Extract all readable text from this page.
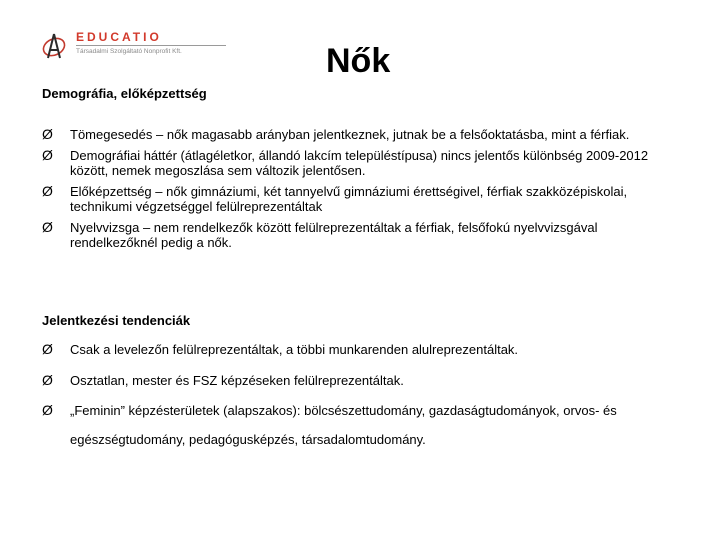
EDUCATIO
Társadalmi Szolgáltató Nonprofit Kft.	Nők
Demográfia, előképzettség
Ø Tömegesedés – nők magasabb arányban jelentkeznek, jutnak be a felsőoktatásba, mint a férfiak.
Ø Demográfiai háttér (átlagéletkor, állandó lakcím településtípusa) nincs jelentős különbség 2009-2012 között, nemek megoszlása sem változik jelentősen.
Ø Előképzettség – nők gimnáziumi, két tannyelvű gimnáziumi érettségivel, férfiak szakközépiskolai, technikumi végzetséggel felülreprezentáltak
Ø Nyelvvizsga – nem rendelkezők között felülreprezentáltak a férfiak, felsőfokú nyelvvizsgával rendelkezőknél pedig a nők.
Jelentkezési tendenciák
Ø Csak a levelezőn felülreprezentáltak, a többi munkarenden alulreprezentáltak.
Ø Osztatlan, mester és FSZ képzéseken felülreprezentáltak.
Ø „Feminin” képzésterületek (alapszakos): bölcsészettudomány, gazdaságtudományok, orvos- és egészségtudomány, pedagógusképzés, társadalomtudomány.
